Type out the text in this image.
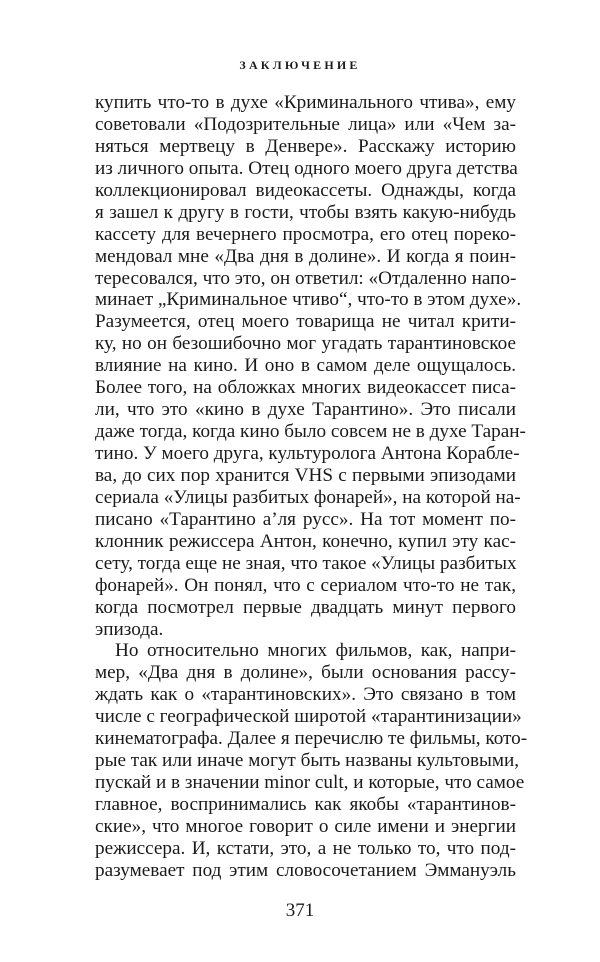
ЗАКЛЮЧЕНИЕ
купить что-то в духе «Криминального чтива», ему
советовали «Подозрительные лица» или «Чем за-
няться мертвецу в Денвере». Расскажу историю
из личного опыта. Отец одного моего друга детства
коллекционировал видеокассеты. Однажды, когда
я зашел к другу в гости, чтобы взять какую-нибудь
кассету для вечернего просмотра, его отец пореко-
мендовал мне «Два дня в долине». И когда я поин-
тересовался, что это, он ответил: «Отдаленно напо-
минает „Криминальное чтиво“, что-то в этом духе».
Разумеется, отец моего товарища не читал крити-
ку, но он безошибочно мог угадать тарантиновское
влияние на кино. И оно в самом деле ощущалось.
Более того, на обложках многих видеокассет писа-
ли, что это «кино в духе Тарантино». Это писали
даже тогда, когда кино было совсем не в духе Таран-
тино. У моего друга, культуролога Антона Кораблe-
ва, до сих пор хранится VHS с первыми эпизодами
сериала «Улицы разбитых фонарей», на которой на-
писано «Тарантино а’ля русс». На тот момент по-
клонник режиссера Антон, конечно, купил эту кас-
сету, тогда еще не зная, что такое «Улицы разбитых
фонарей». Он понял, что с сериалом что-то не так,
когда посмотрел первые двадцать минут первого
эпизода.
Но относительно многих фильмов, как, напри-
мер, «Два дня в долине», были основания рассу-
ждать как о «тарантиновских». Это связано в том
числе с географической широтой «тарантинизации»
кинематографа. Далее я перечислю те фильмы, кото-
рые так или иначе могут быть названы культовыми,
пускай и в значении minor cult, и которые, что самое
главное, воспринимались как якобы «тарантинов-
ские», что многое говорит о силе имени и энергии
режиссера. И, кстати, это, а не только то, что под-
разумевает под этим словосочетанием Эммануэль
371
